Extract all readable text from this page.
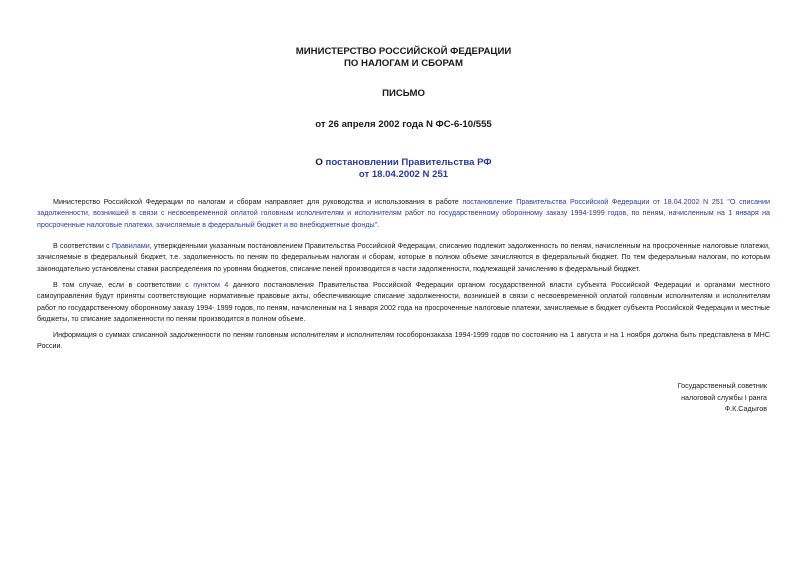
МИНИСТЕРСТВО РОССИЙСКОЙ ФЕДЕРАЦИИ
ПО НАЛОГАМ И СБОРАМ
ПИСЬМО
от 26 апреля 2002 года N ФС-6-10/555
О постановлении Правительства РФ
от 18.04.2002 N 251

Министерство Российской Федерации по налогам и сборам направляет для руководства и использования в работе постановление Правительства Российской Федерации от 18.04.2002 N 251 "О списании задолженности, возникшей в связи с несвоевременной оплатой головным исполнителям и исполнителям работ по государственному оборонному заказу 1994-1999 годов, по пеням, начисленным на 1 января на просроченные налоговые платежи, зачисляемые в федеральный бюджет и во внебюджетные фонды".

В соответствии с Правилами, утвержденными указанным постановлением Правительства Российской Федерации, списанию подлежит задолженность по пеням, начисленным на просроченные налоговые платежи, зачисляемые в федеральный бюджет, т.е. задолженность по пеням по федеральным налогам и сборам, которые в полном объеме зачисляются в федеральный бюджет. По тем федеральным налогам, по которым законодательно установлены ставки распределения по уровням бюджетов, списание пеней производится в части задолженности, подлежащей зачислению в федеральный бюджет.

В том случае, если в соответствии с пунктом 4 данного постановления Правительства Российской Федерации органом государственной власти субъекта Российской Федерации и органами местного самоуправления будут приняты соответствующие нормативные правовые акты, обеспечивающие списание задолженности, возникшей в связи с несвоевременной оплатой головным исполнителям и исполнителям работ по государственному оборонному заказу 1994- 1999 годов, по пеням, начисленным на 1 января 2002 года на просроченные налоговые платежи, зачисляемые в бюджет субъекта Российской Федерации и местные бюджеты, то списание задолженности по пеням производится в полном объеме.

Информация о суммах списанной задолженности по пеням головным исполнителям и исполнителям гособоронзаказа 1994-1999 годов по состоянию на 1 августа и на 1 ноября должна быть представлена в МНС России.

Государственный советник
налоговой службы I ранга
Ф.К.Садыгов
